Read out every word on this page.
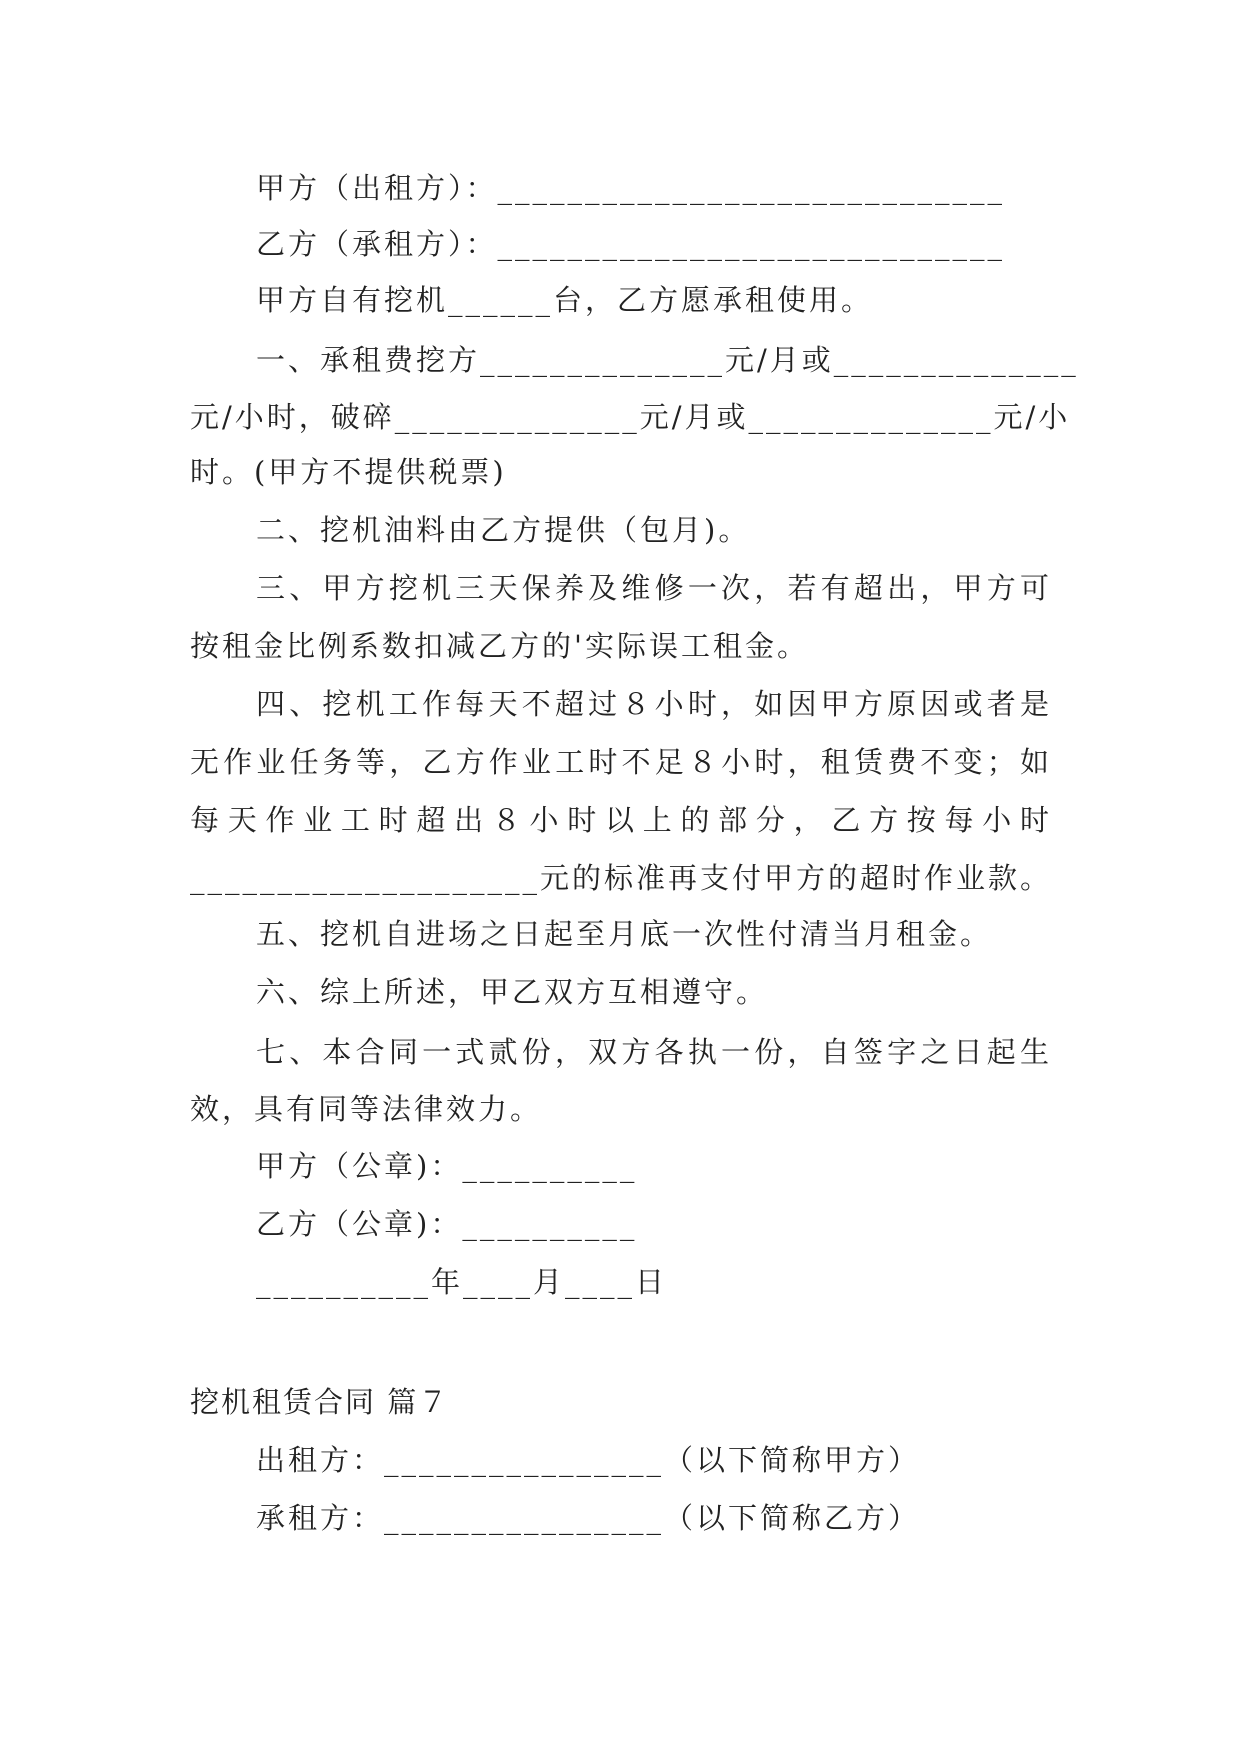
甲方（出租方）：_____________________________
乙方（承租方）：_____________________________
甲方自有挖机______台，乙方愿承租使用。
一、承租费挖方______________元/月或______________
元/小时，破碎______________元/月或______________元/小
时。(甲方不提供税票)
二、挖机油料由乙方提供（包月)。
三、甲方挖机三天保养及维修一次，若有超出，甲方可
按租金比例系数扣减乙方的'实际误工租金。
四、挖机工作每天不超过８小时，如因甲方原因或者是
无作业任务等，乙方作业工时不足８小时，租赁费不变；如
每天作业工时超出８小时以上的部分，乙方按每小时
____________________元的标准再支付甲方的超时作业款。
五、挖机自进场之日起至月底一次性付清当月租金。
六、综上所述，甲乙双方互相遵守。
七、本合同一式贰份，双方各执一份，自签字之日起生
效，具有同等法律效力。
甲方（公章)：__________
乙方（公章)：__________
__________年____月____日
挖机租赁合同 篇７
出租方：________________（以下简称甲方）
承租方：________________（以下简称乙方）
